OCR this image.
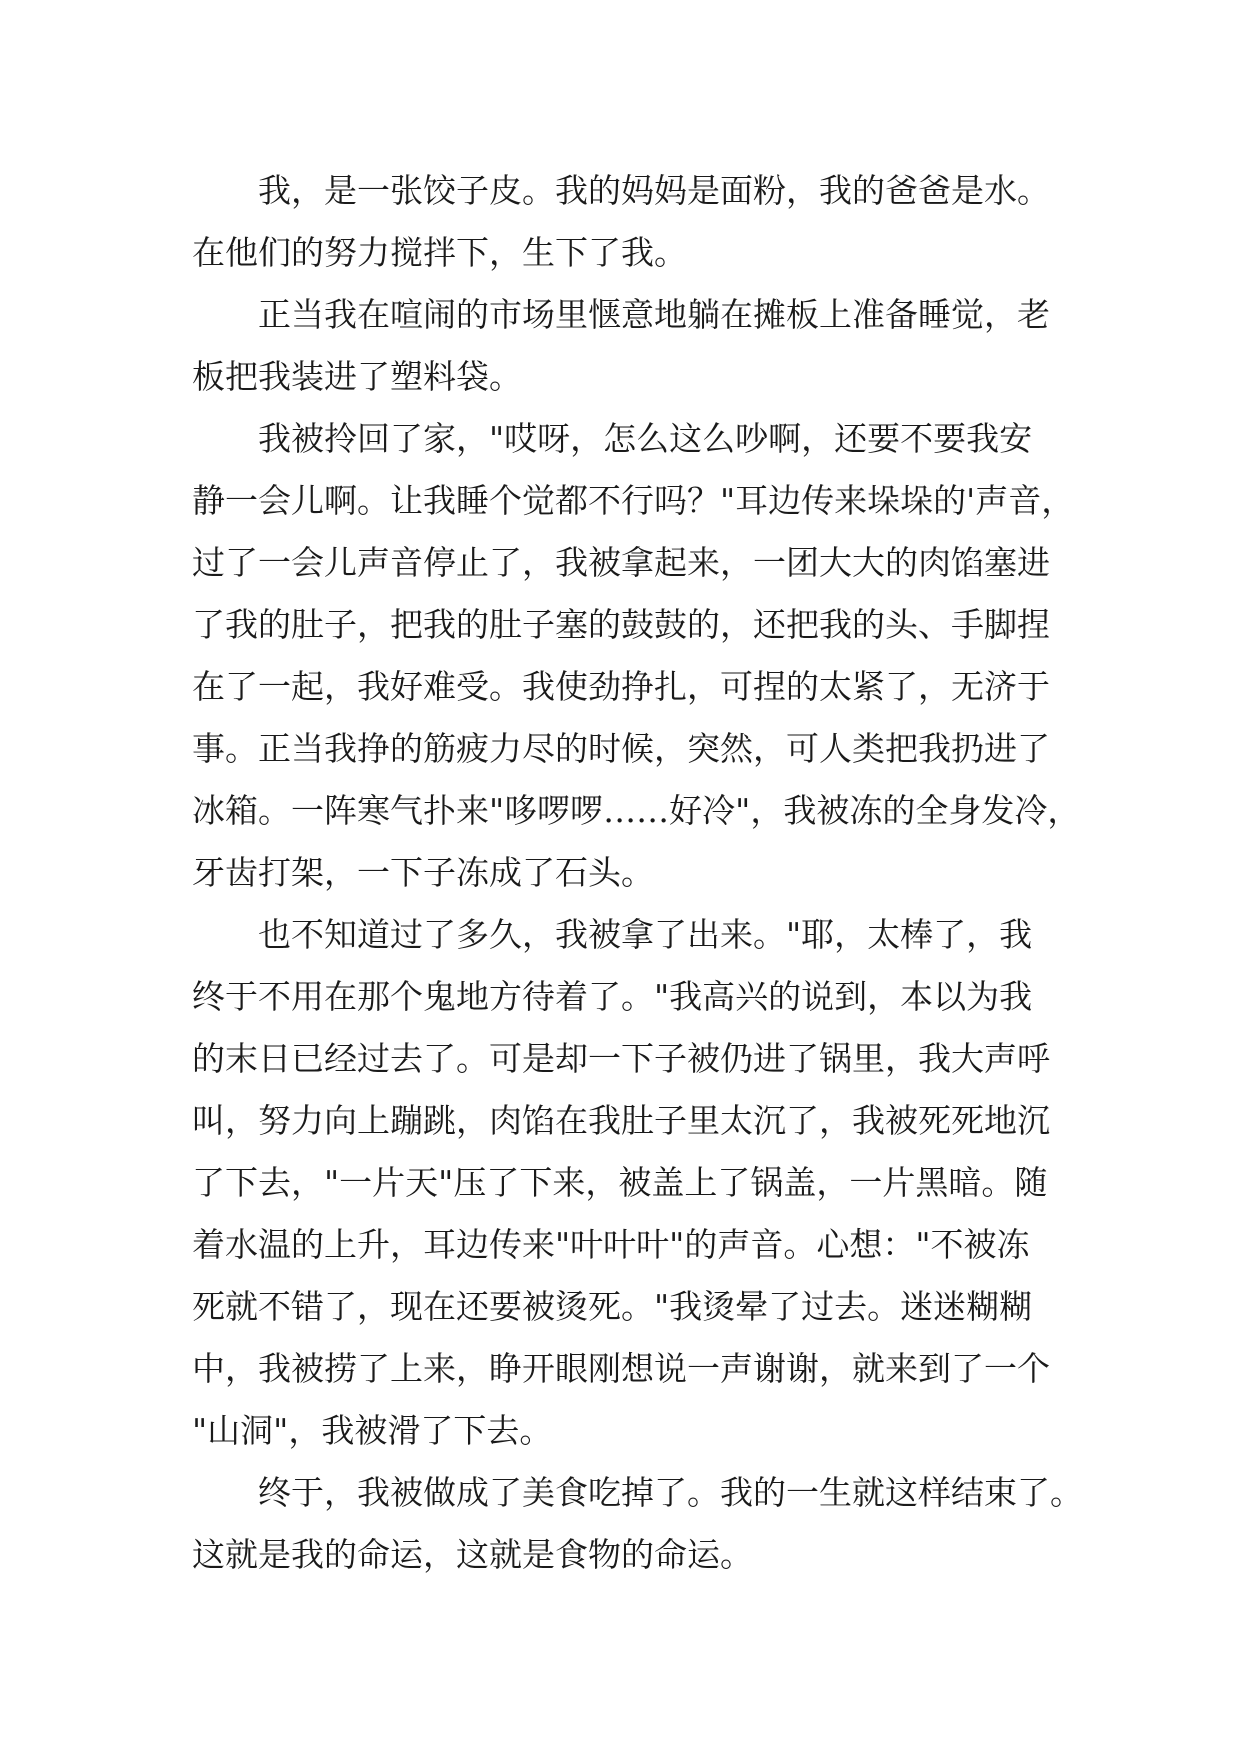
我，是一张饺子皮。我的妈妈是面粉，我的爸爸是水。
在他们的努力搅拌下，生下了我。
正当我在喧闹的市场里惬意地躺在摊板上准备睡觉，老
板把我装进了塑料袋。
我被拎回了家，"哎呀，怎么这么吵啊，还要不要我安
静一会儿啊。让我睡个觉都不行吗？"耳边传来垛垛的'声音，
过了一会儿声音停止了，我被拿起来，一团大大的肉馅塞进
了我的肚子，把我的肚子塞的鼓鼓的，还把我的头、手脚捏
在了一起，我好难受。我使劲挣扎，可捏的太紧了，无济于
事。正当我挣的筋疲力尽的时候，突然，可人类把我扔进了
冰箱。一阵寒气扑来"哆啰啰……好冷"，我被冻的全身发冷，
牙齿打架，一下子冻成了石头。
也不知道过了多久，我被拿了出来。"耶，太棒了，我
终于不用在那个鬼地方待着了。"我高兴的说到，本以为我
的末日已经过去了。可是却一下子被仍进了锅里，我大声呼
叫，努力向上蹦跳，肉馅在我肚子里太沉了，我被死死地沉
了下去，"一片天"压了下来，被盖上了锅盖，一片黑暗。随
着水温的上升，耳边传来"叶叶叶"的声音。心想："不被冻
死就不错了，现在还要被烫死。"我烫晕了过去。迷迷糊糊
中，我被捞了上来，睁开眼刚想说一声谢谢，就来到了一个
"山洞"，我被滑了下去。
终于，我被做成了美食吃掉了。我的一生就这样结束了。
这就是我的命运，这就是食物的命运。
